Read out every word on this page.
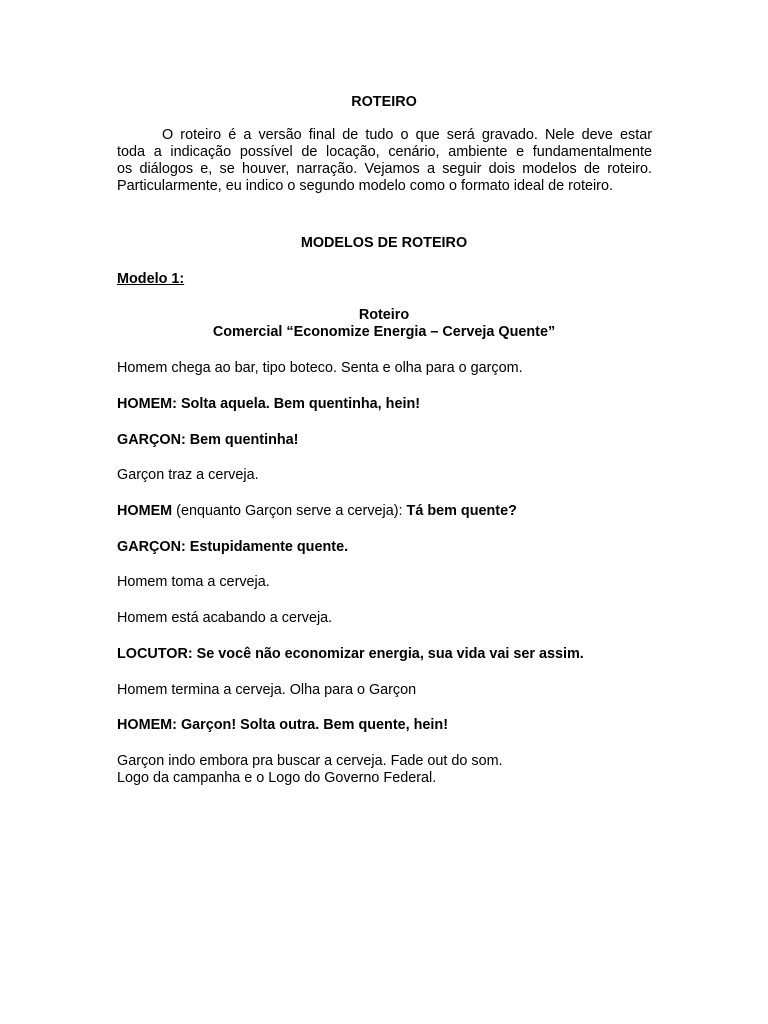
ROTEIRO

O roteiro é a versão final de tudo o que será gravado. Nele deve estar
toda a indicação possível de locação, cenário, ambiente e fundamentalmente
os diálogos e, se houver, narração. Vejamos a seguir dois modelos de roteiro.
Particularmente, eu indico o segundo modelo como o formato ideal de roteiro.

MODELOS DE ROTEIRO

Modelo 1:

Roteiro

Comercial “Economize Energia – Cerveja Quente”

Homem chega ao bar, tipo boteco. Senta e olha para o garçom.

HOMEM: Solta aquela. Bem quentinha, hein!

GARÇON: Bem quentinha!

Garçon traz a cerveja.

HOMEM (enquanto Garçon serve a cerveja): Tá bem quente?

GARÇON: Estupidamente quente.

Homem toma a cerveja.

Homem está acabando a cerveja.

LOCUTOR: Se você não economizar energia, sua vida vai ser assim.

Homem termina a cerveja. Olha para o Garçon

HOMEM: Garçon! Solta outra. Bem quente, hein!

Garçon indo embora pra buscar a cerveja. Fade out do som.

Logo da campanha e o Logo do Governo Federal.
